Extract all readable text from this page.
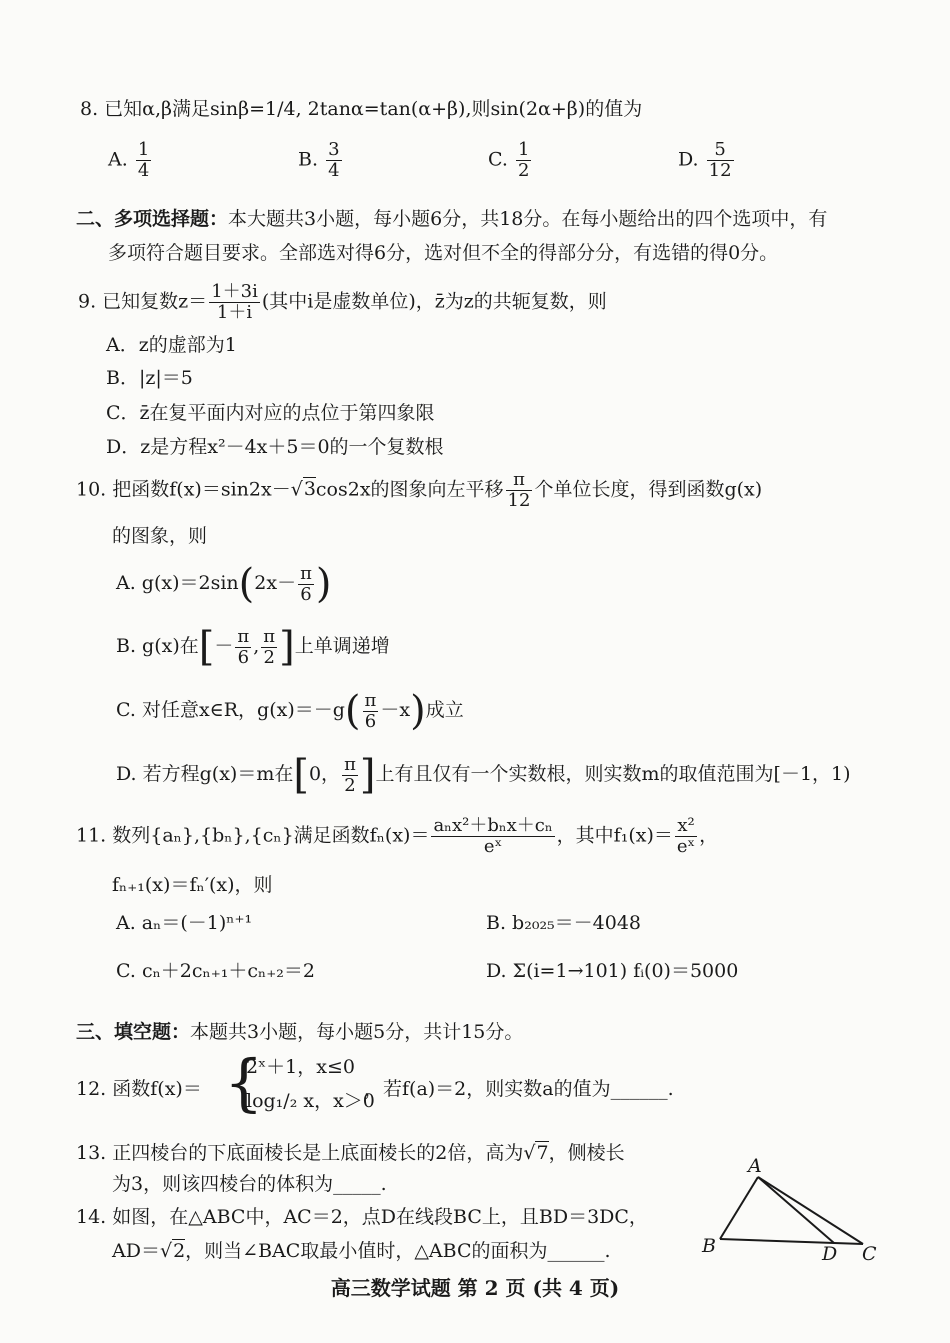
8. 已知α,β满足sinβ=1/4, 2tanα=tan(α+β),则sin(2α+β)的值为
A. $\frac{1}{4}$	B. $\frac{3}{4}$	C. $\frac{1}{2}$	D. $\frac{5}{12}$
二、多项选择题：本大题共3小题，每小题6分，共18分。在每小题给出的四个选项中，有
多项符合题目要求。全部选对得6分，选对但不全的得部分分，有选错的得0分。
9. 已知复数$z= \frac{1+3i}{1+i}$ (其中i是虚数单位)，z̄为z的共轭复数，则
A．z的虚部为1
B．|z|＝5
C．z̄在复平面内对应的点位于第四象限
D．z是方程x²－4x＋5＝0的一个复数根
10. 把函数f(x)＝sin2x－√3cos2x的图象向左平移 $\frac{\pi}{12}$ 个单位长度，得到函数g(x)
的图象，则
A. $g(x)=2\sin(2x- \frac{\pi}{6}$ )
B. g(x)在[－ $\frac{\pi}{6}$ , $\frac{\pi}{2}$ ]上单调递增
C. 对任意x∈R，$g(x)=-g( \frac{\pi}{6} -x)$成立
D. 若方程g(x)＝m在[0， $\frac{\pi}{2}$ ]上有且仅有一个实数根，则实数m的取值范围为[－1，1)
11. 数列{aₙ},{bₙ},{cₙ}满足函数$f_n(x)= \frac{\text{aₙx²＋bₙx＋cₙ}}{\text{eˣ}}$ ，其中$f_1(x)= \frac{\text{x²}}{\text{eˣ}}$ ，
fₙ₊₁(x)＝fₙ′(x)，则
A. aₙ＝(－1)ⁿ⁺¹	B. b₂₀₂₅＝－4048
C. cₙ＋2cₙ₊₁＋cₙ₊₂＝2	D. Σ(i=1→101) fᵢ(0)＝5000
三、填空题：本题共3小题，每小题5分，共计15分。
12. 函数f(x)＝ {
2ˣ＋1，x≤0
log₁/₂ x，x＞0
，若f(a)＝2，则实数a的值为______.
13. 正四棱台的下底面棱长是上底面棱长的2倍，高为√7，侧棱长
为3，则该四棱台的体积为_____.
14. 如图，在△ABC中，AC＝2，点D在线段BC上，且BD＝3DC，
AD＝√2，则当∠BAC取最小值时，△ABC的面积为______.
A
B	D C
高三数学试题 第 2 页 (共 4 页)
